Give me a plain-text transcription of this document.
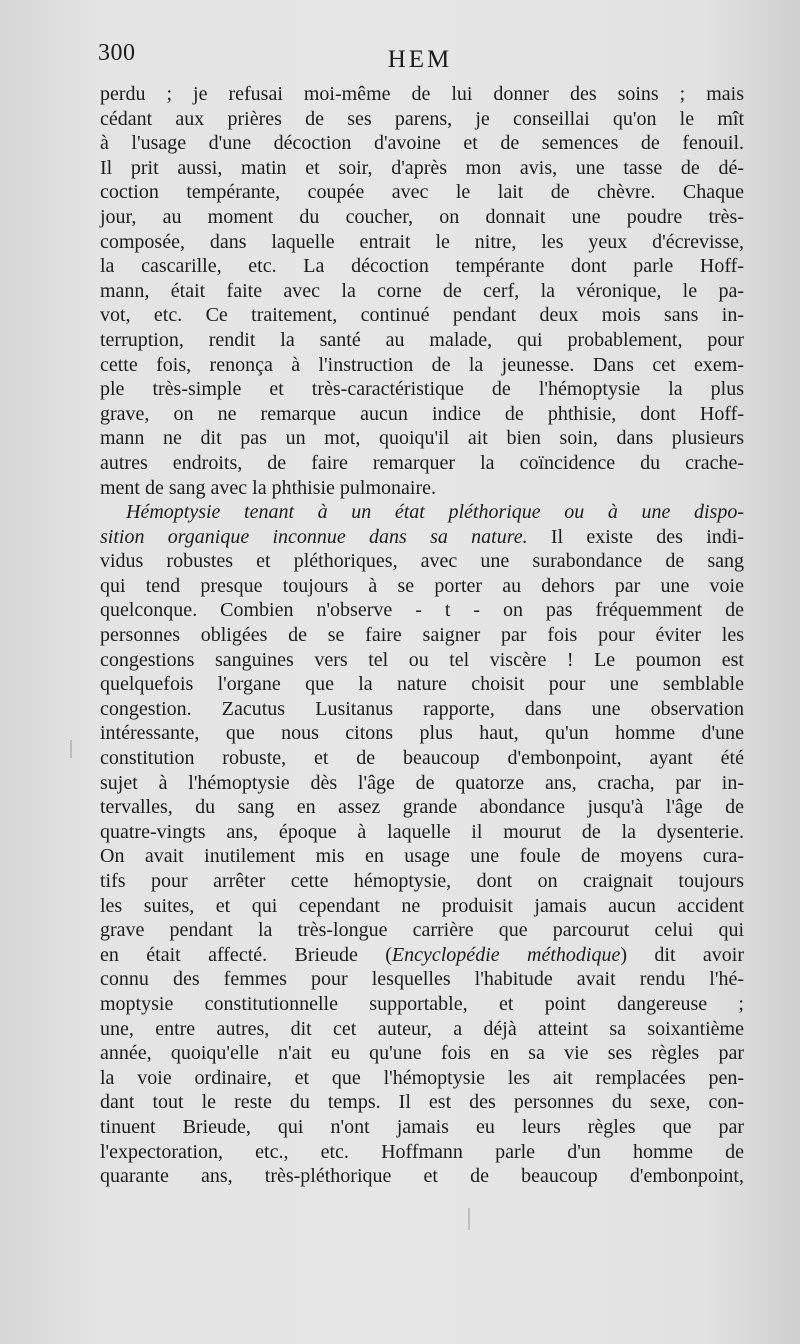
300	HEM
perdu ; je refusai moi-même de lui donner des soins ; mais
cédant aux prières de ses parens, je conseillai qu'on le mît
à l'usage d'une décoction d'avoine et de semences de fenouil.
Il prit aussi, matin et soir, d'après mon avis, une tasse de dé-
coction tempérante, coupée avec le lait de chèvre. Chaque
jour, au moment du coucher, on donnait une poudre très-
composée, dans laquelle entrait le nitre, les yeux d'écrevisse,
la cascarille, etc. La décoction tempérante dont parle Hoff-
mann, était faite avec la corne de cerf, la véronique, le pa-
vot, etc. Ce traitement, continué pendant deux mois sans in-
terruption, rendit la santé au malade, qui probablement, pour
cette fois, renonça à l'instruction de la jeunesse. Dans cet exem-
ple très-simple et très-caractéristique de l'hémoptysie la plus
grave, on ne remarque aucun indice de phthisie, dont Hoff-
mann ne dit pas un mot, quoiqu'il ait bien soin, dans plusieurs
autres endroits, de faire remarquer la coïncidence du crache-
ment de sang avec la phthisie pulmonaire.
Hémoptysie tenant à un état pléthorique ou à une dispo-
sition organique inconnue dans sa nature. Il existe des indi-
vidus robustes et pléthoriques, avec une surabondance de sang
qui tend presque toujours à se porter au dehors par une voie
quelconque. Combien n'observe - t - on pas fréquemment de
personnes obligées de se faire saigner par fois pour éviter les
congestions sanguines vers tel ou tel viscère ! Le poumon est
quelquefois l'organe que la nature choisit pour une semblable
congestion. Zacutus Lusitanus rapporte, dans une observation
intéressante, que nous citons plus haut, qu'un homme d'une
constitution robuste, et de beaucoup d'embonpoint, ayant été
sujet à l'hémoptysie dès l'âge de quatorze ans, cracha, par in-
tervalles, du sang en assez grande abondance jusqu'à l'âge de
quatre-vingts ans, époque à laquelle il mourut de la dysenterie.
On avait inutilement mis en usage une foule de moyens cura-
tifs pour arrêter cette hémoptysie, dont on craignait toujours
les suites, et qui cependant ne produisit jamais aucun accident
grave pendant la très-longue carrière que parcourut celui qui
en était affecté. Brieude (Encyclopédie méthodique) dit avoir
connu des femmes pour lesquelles l'habitude avait rendu l'hé-
moptysie constitutionnelle supportable, et point dangereuse ;
une, entre autres, dit cet auteur, a déjà atteint sa soixantième
année, quoiqu'elle n'ait eu qu'une fois en sa vie ses règles par
la voie ordinaire, et que l'hémoptysie les ait remplacées pen-
dant tout le reste du temps. Il est des personnes du sexe, con-
tinuent Brieude, qui n'ont jamais eu leurs règles que par
l'expectoration, etc., etc. Hoffmann parle d'un homme de
quarante ans, très-pléthorique et de beaucoup d'embonpoint,
